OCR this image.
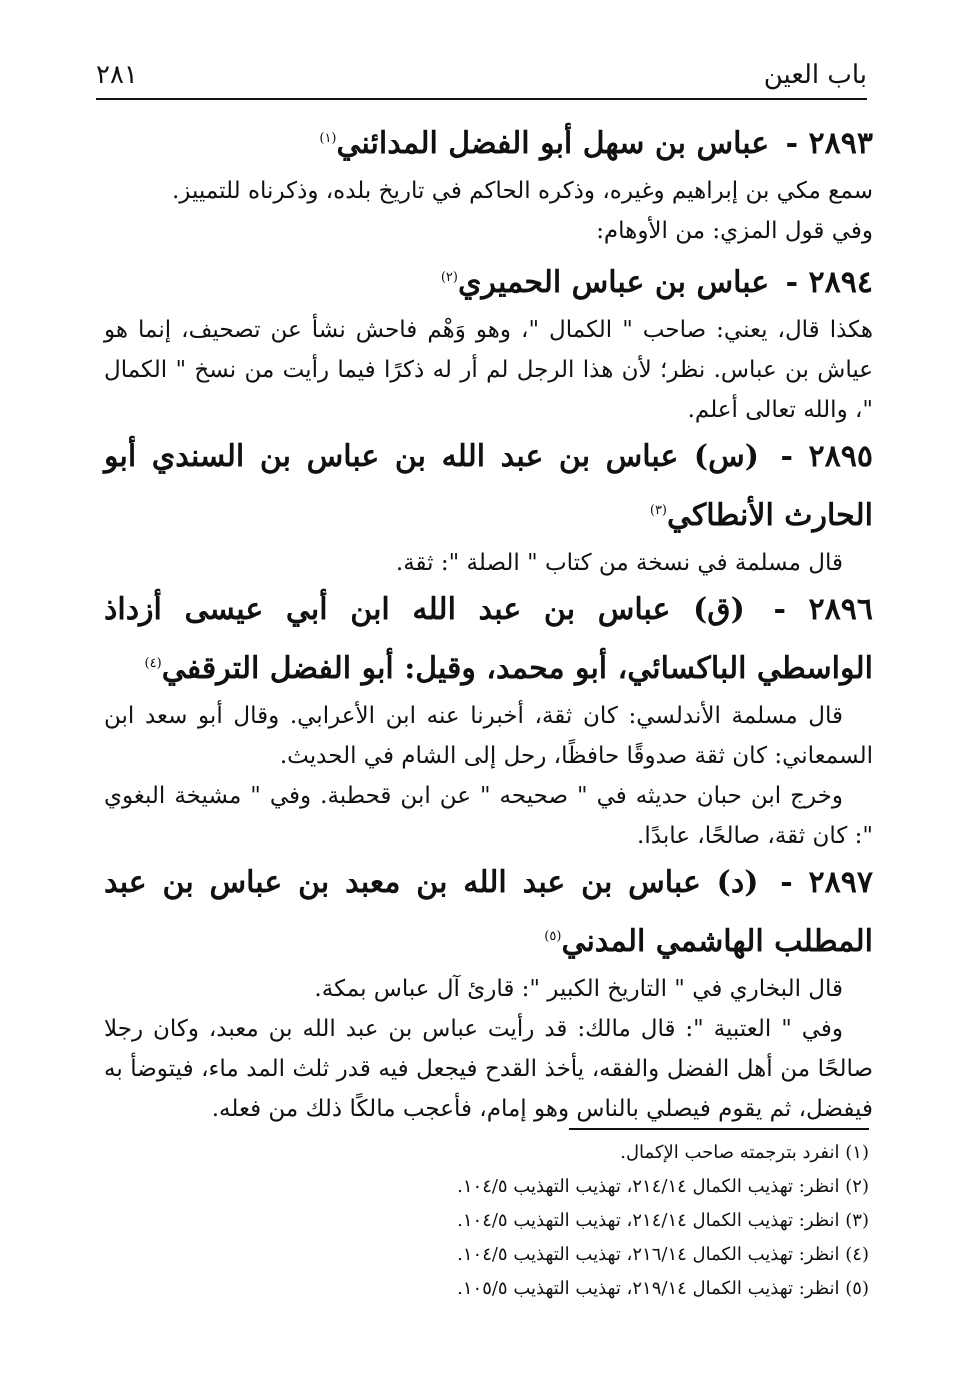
باب العين
٢٨١

٢٨٩٣ - عباس بن سهل أبو الفضل المدائني$^{(١)}$

سمع مكي بن إبراهيم وغيره، وذكره الحاكم في تاريخ بلده، وذكرناه للتمييز.

وفي قول المزي: من الأوهام:

٢٨٩٤ - عباس بن عباس الحميري$^{(٢)}$

هكذا قال، يعني: صاحب " الكمال "، وهو وَهْم فاحش نشأ عن تصحيف، إنما هو عياش بن عباس. نظر؛ لأن هذا الرجل لم أر له ذكرًا فيما رأيت من نسخ " الكمال "، والله تعالى أعلم.

٢٨٩٥ - (س) عباس بن عبد الله بن عباس بن السندي أبو الحارث الأنطاكي$^{(٣)}$

قال مسلمة في نسخة من كتاب " الصلة ": ثقة.

٢٨٩٦ - (ق) عباس بن عبد الله ابن أبي عيسى أزداذ الواسطي الباكسائي، أبو محمد، وقيل: أبو الفضل الترقفي$^{(٤)}$

قال مسلمة الأندلسي: كان ثقة، أخبرنا عنه ابن الأعرابي. وقال أبو سعد ابن السمعاني: كان ثقة صدوقًا حافظًا، رحل إلى الشام في الحديث.

وخرج ابن حبان حديثه في " صحيحه " عن ابن قحطبة. وفي " مشيخة البغوي ": كان ثقة، صالحًا، عابدًا.

٢٨٩٧ - (د) عباس بن عبد الله بن معبد بن عباس بن عبد المطلب الهاشمي المدني$^{(٥)}$

قال البخاري في " التاريخ الكبير ": قارئ آل عباس بمكة.

وفي " العتبية ": قال مالك: قد رأيت عباس بن عبد الله بن معبد، وكان رجلا صالحًا من أهل الفضل والفقه، يأخذ القدح فيجعل فيه قدر ثلث المد ماء، فيتوضأ به فيفضل، ثم يقوم فيصلي بالناس وهو إمام، فأعجب مالكًا ذلك من فعله.

(١) انفرد بترجمته صاحب الإكمال.

(٢) انظر: تهذيب الكمال ٢١٤/١٤، تهذيب التهذيب ١٠٤/٥.

(٣) انظر: تهذيب الكمال ٢١٤/١٤، تهذيب التهذيب ١٠٤/٥.

(٤) انظر: تهذيب الكمال ٢١٦/١٤، تهذيب التهذيب ١٠٤/٥.

(٥) انظر: تهذيب الكمال ٢١٩/١٤، تهذيب التهذيب ١٠٥/٥.
